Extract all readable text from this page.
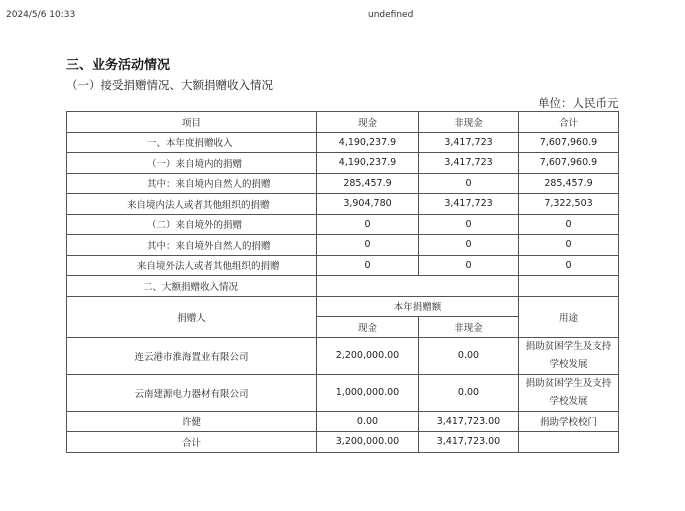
2024/5/6 10:33	undefined
三、业务活动情况
（一）接受捐赠情况、大额捐赠收入情况
单位：人民币元
项目	现金	非现金	合计
一、本年度捐赠收入	4,190,237.9	3,417,723	7,607,960.9
（一）来自境内的捐赠	4,190,237.9	3,417,723	7,607,960.9
其中：来自境内自然人的捐赠	285,457.9	0	285,457.9
来自境内法人或者其他组织的捐赠	3,904,780	3,417,723	7,322,503
（二）来自境外的捐赠	0	0	0
其中：来自境外自然人的捐赠	0	0	0
来自境外法人或者其他组织的捐赠	0	0	0
二、大额捐赠收入情况			
捐赠人	本年捐赠额		用途
	现金	非现金	
连云港市淮海置业有限公司	2,200,000.00	0.00	捐助贫困学生及支持学校发展
云南建源电力器材有限公司	1,000,000.00	0.00	捐助贫困学生及支持学校发展
许健	0.00	3,417,723.00	捐助学校校门
合计	3,200,000.00	3,417,723.00	
